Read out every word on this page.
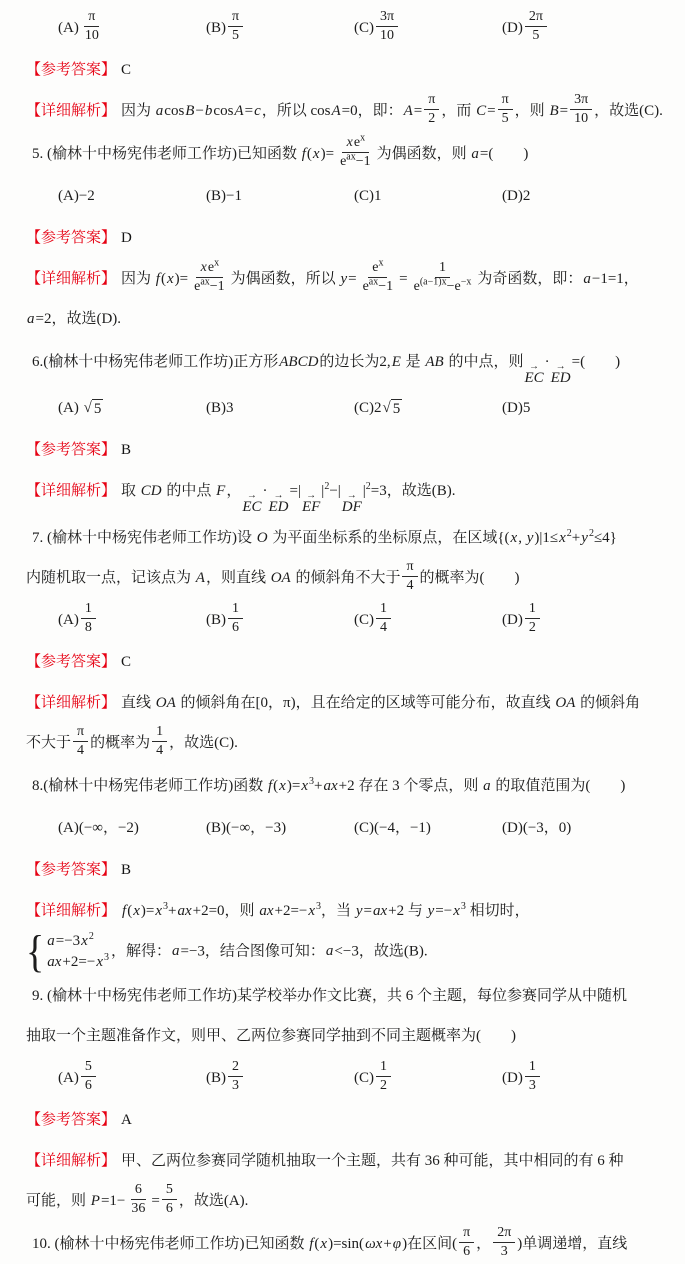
$(A) \frac{\pi}{10}$	$(B) \frac{\pi}{5}$	$(C) \frac{3\pi}{10}$	$(D) \frac{2\pi}{5}$
【参考答案】 C
【详细解析】 因为 acosB−bcosA=c，所以 cosA=0，即：$A= \frac{\pi}{2}$ ，而 $C= \frac{\pi}{5}$ ，则 $B= \frac{3\pi}{10}$ ，故选(C).
5. (榆林十中杨宪伟老师工作坊)已知函数 $f(x)= \frac{xe^x}{e^{ax}-1}$ 为偶函数，则 a=(　　)
(A)−2	(B)−1	(C)1	(D)2
【参考答案】 D
【详细解析】 因为 $f(x)= \frac{xe^x}{e^{ax}-1}$ 为偶函数，所以 $y= \frac{e^x}{e^{ax}-1} = \frac{1}{e^{(a-1)x}-e^{-x}}$ 为奇函数，即：a−1=1，
a=2，故选(D).
6.(榆林十中杨宪伟老师工作坊)正方形ABCD的边长为2,E 是 AB 的中点，则 →
EC
· →
ED
=(　　)
(A) √ 5	(B)3	(C)2 √ 5	(D)5
【参考答案】 B
【详细解析】 取 CD 的中点 F， →
EC
· →
ED
=| →
EF
$|^2-|$ →
DF
$|^2=3$，故选(B).
7. (榆林十中杨宪伟老师工作坊)设 O 为平面坐标系的坐标原点，在区域{(x, $y)|1\le x^2+y^2\le 4$}
内随机取一点，记该点为 A，则直线 OA 的倾斜角不大于 $\frac{\pi}{4}$ 的概率为(　　)
$(A) \frac{1}{8}$	$(B) \frac{1}{6}$	$(C) \frac{1}{4}$	$(D) \frac{1}{2}$
【参考答案】 C
【详细解析】 直线 OA 的倾斜角在[0，π)，且在给定的区域等可能分布，故直线 OA 的倾斜角
不大于 $\frac{\pi}{4}$ 的概率为 $\frac{1}{4}$ ，故选(C).
8.(榆林十中杨宪伟老师工作坊)函数 $f(x)=x^3+ax+2$ 存在 3 个零点，则 a 的取值范围为(　　)
(A)(−∞，−2)	(B)(−∞，−3)	(C)(−4，−1)	(D)(−3，0)
【参考答案】 B
【详细解析】 $f(x)=x^3+ax+2=0$，则 $ax+2=-x^3$，当 y=ax+2 与 $y=-x^3$ 相切时，
{ $a=-3x^2$
$ax+2=-x^3$ ，解得：a=−3，结合图像可知：a<−3，故选(B).
9. (榆林十中杨宪伟老师工作坊)某学校举办作文比赛，共 6 个主题，每位参赛同学从中随机
抽取一个主题准备作文，则甲、乙两位参赛同学抽到不同主题概率为(　　)
$(A) \frac{5}{6}$	$(B) \frac{2}{3}$	$(C) \frac{1}{2}$	$(D) \frac{1}{3}$
【参考答案】 A
【详细解析】 甲、乙两位参赛同学随机抽取一个主题，共有 36 种可能，其中相同的有 6 种
可能，则 $P=1- \frac{6}{36} = \frac{5}{6}$ ，故选(A).
10. (榆林十中杨宪伟老师工作坊)已知函数 f(x)=sin(ωx+φ)在区间( $\frac{\pi}{6}$ ， $\frac{2\pi}{3}$ )单调递增，直线
